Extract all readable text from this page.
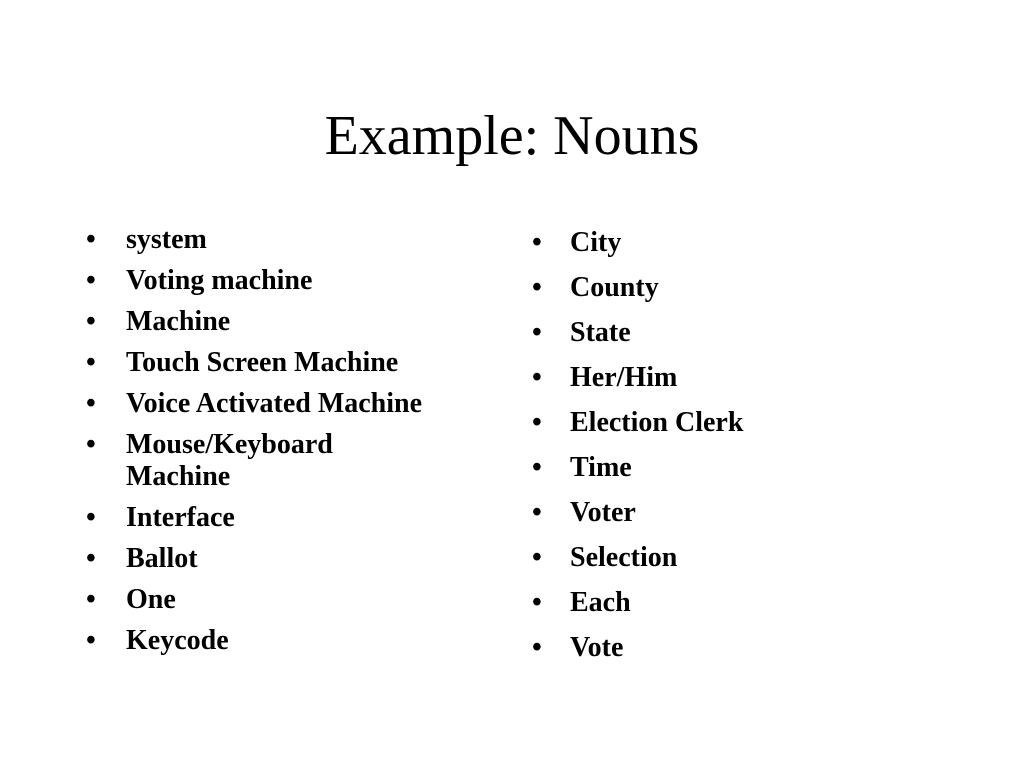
Example: Nouns
• system
• Voting machine
• Machine
• Touch Screen Machine
• Voice Activated Machine
• Mouse/Keyboard Machine
• Interface
• Ballot
• One
• Keycode
• City
• County
• State
• Her/Him
• Election Clerk
• Time
• Voter
• Selection
• Each
• Vote
